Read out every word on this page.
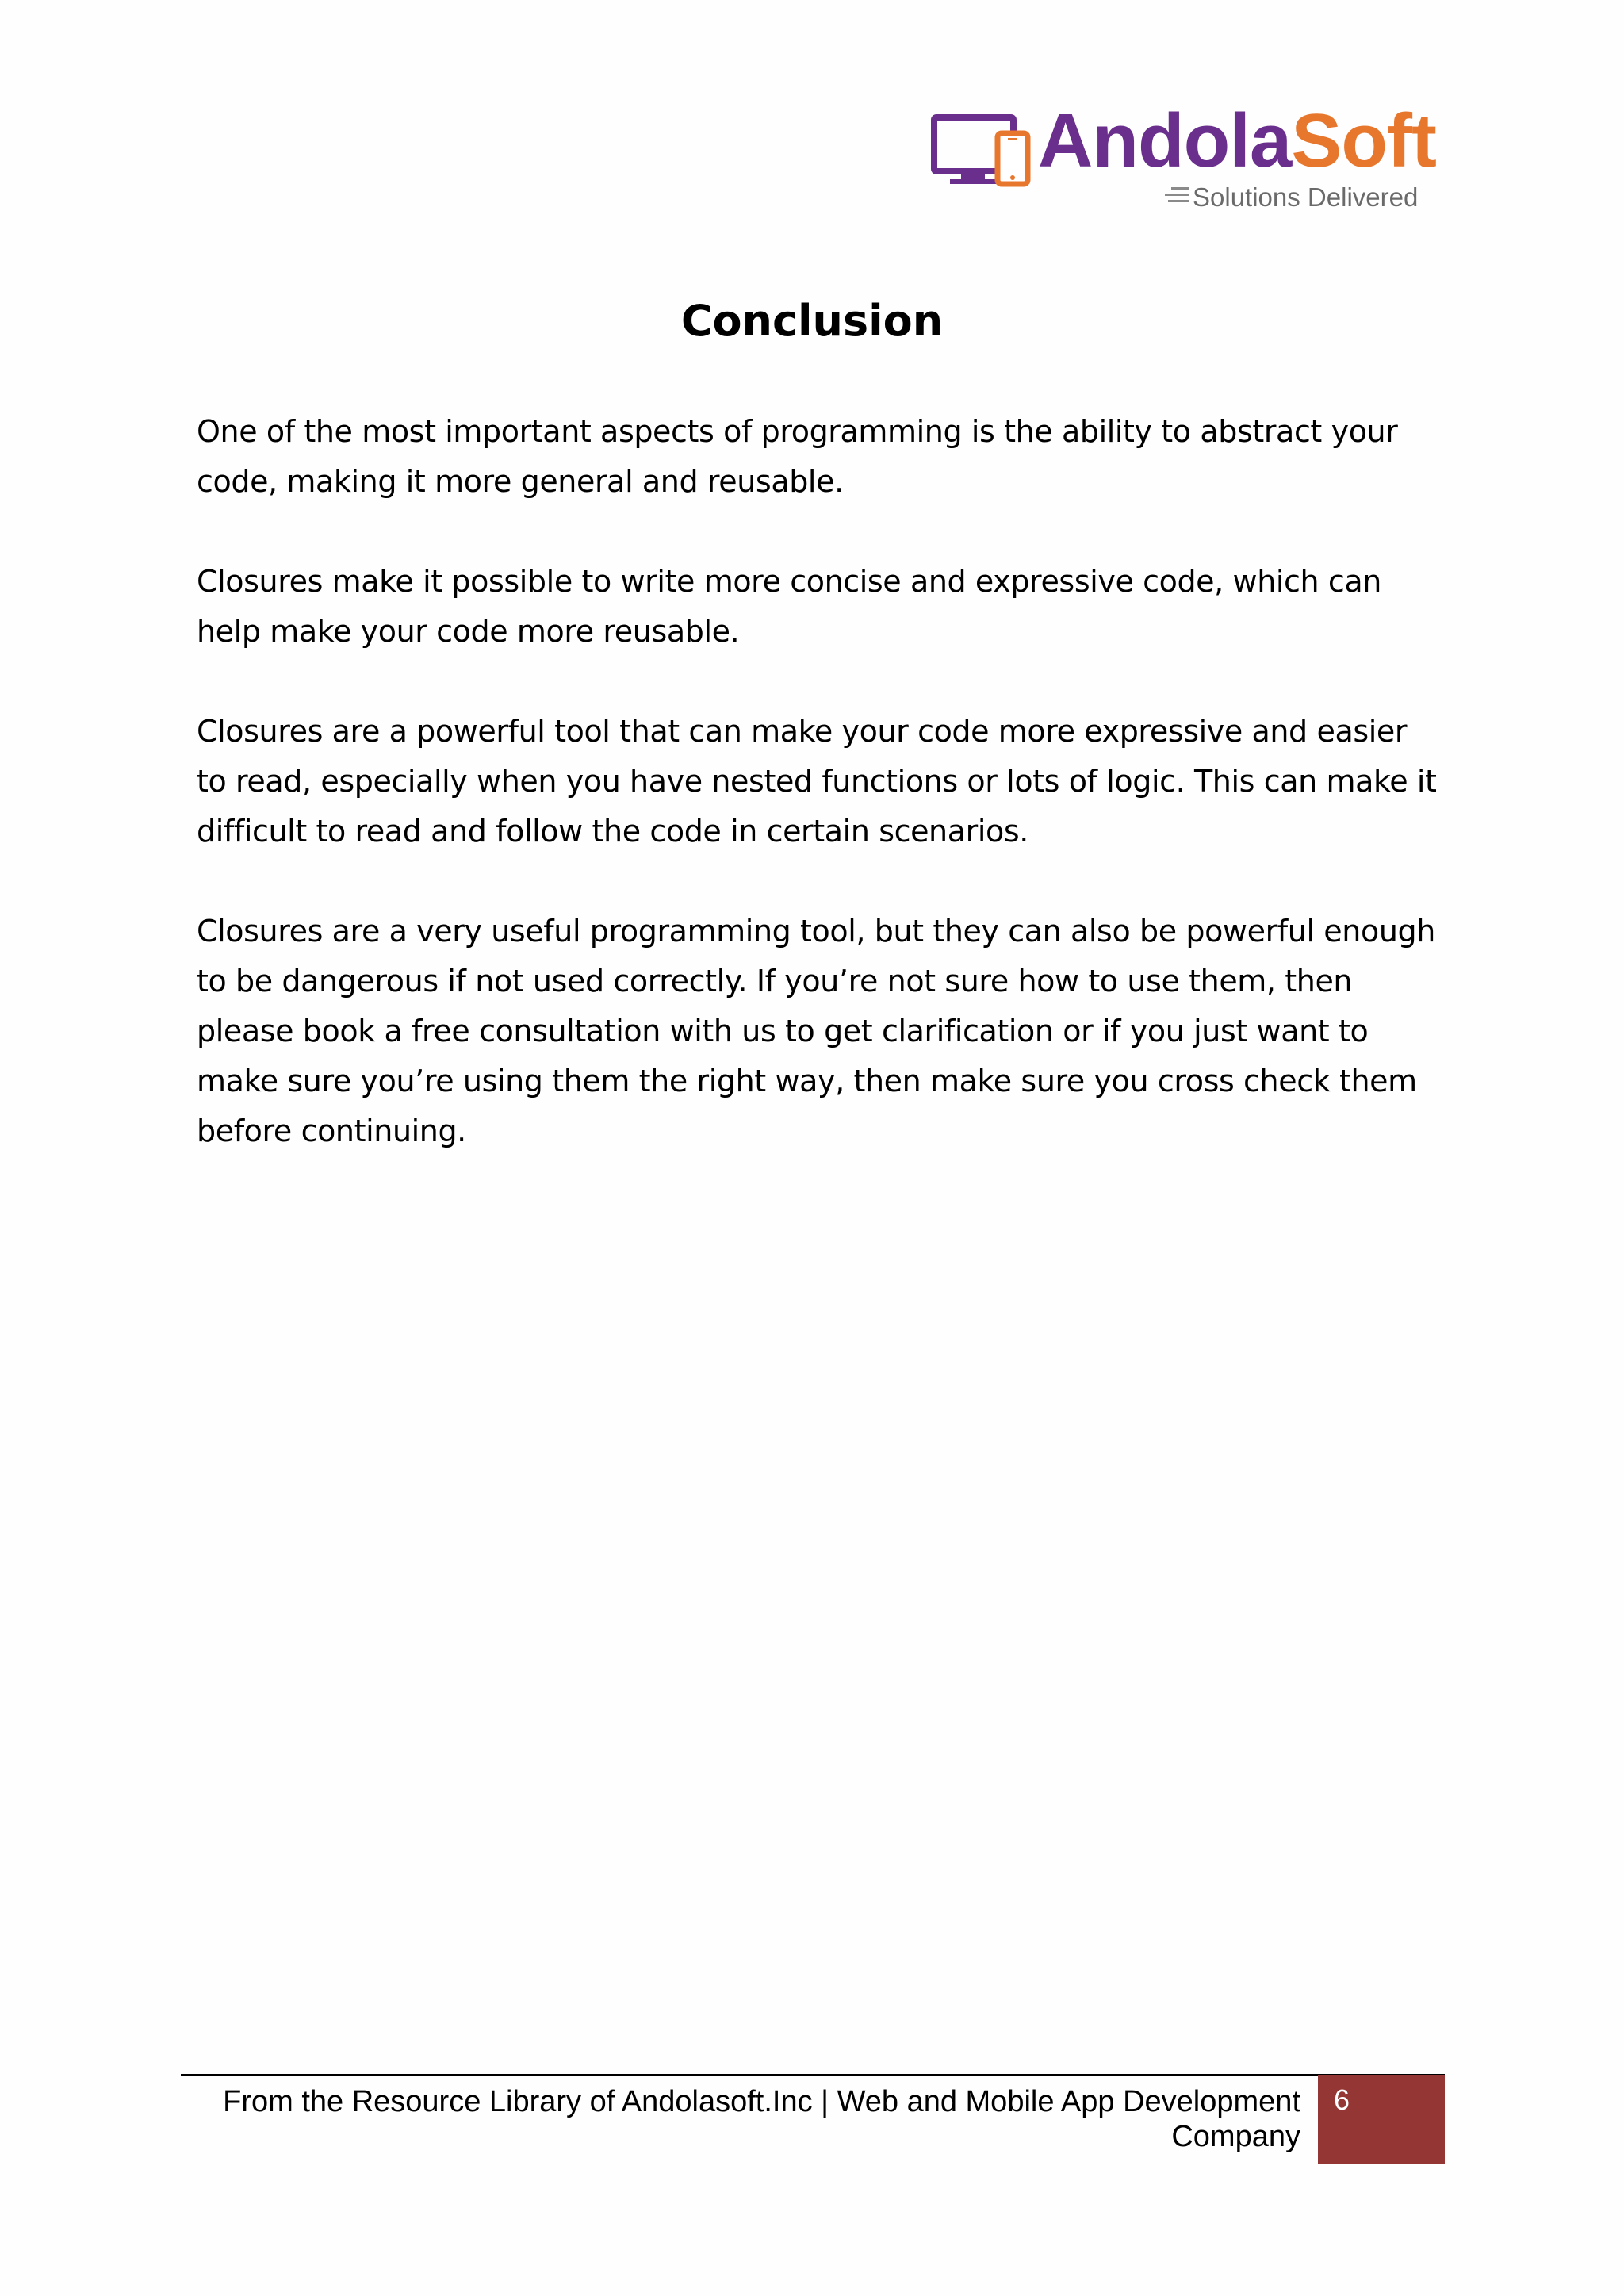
AndolaSoft
Solutions Delivered
Conclusion

One of the most important aspects of programming is the ability to abstract your code, making it more general and reusable.

Closures make it possible to write more concise and expressive code, which can help make your code more reusable.

Closures are a powerful tool that can make your code more expressive and easier to read, especially when you have nested functions or lots of logic. This can make it difficult to read and follow the code in certain scenarios.

Closures are a very useful programming tool, but they can also be powerful enough to be dangerous if not used correctly. If you’re not sure how to use them, then please book a free consultation with us to get clarification or if you just want to make sure you’re using them the right way, then make sure you cross check them before continuing.

From the Resource Library of Andolasoft.Inc | Web and Mobile App Development Company
6
